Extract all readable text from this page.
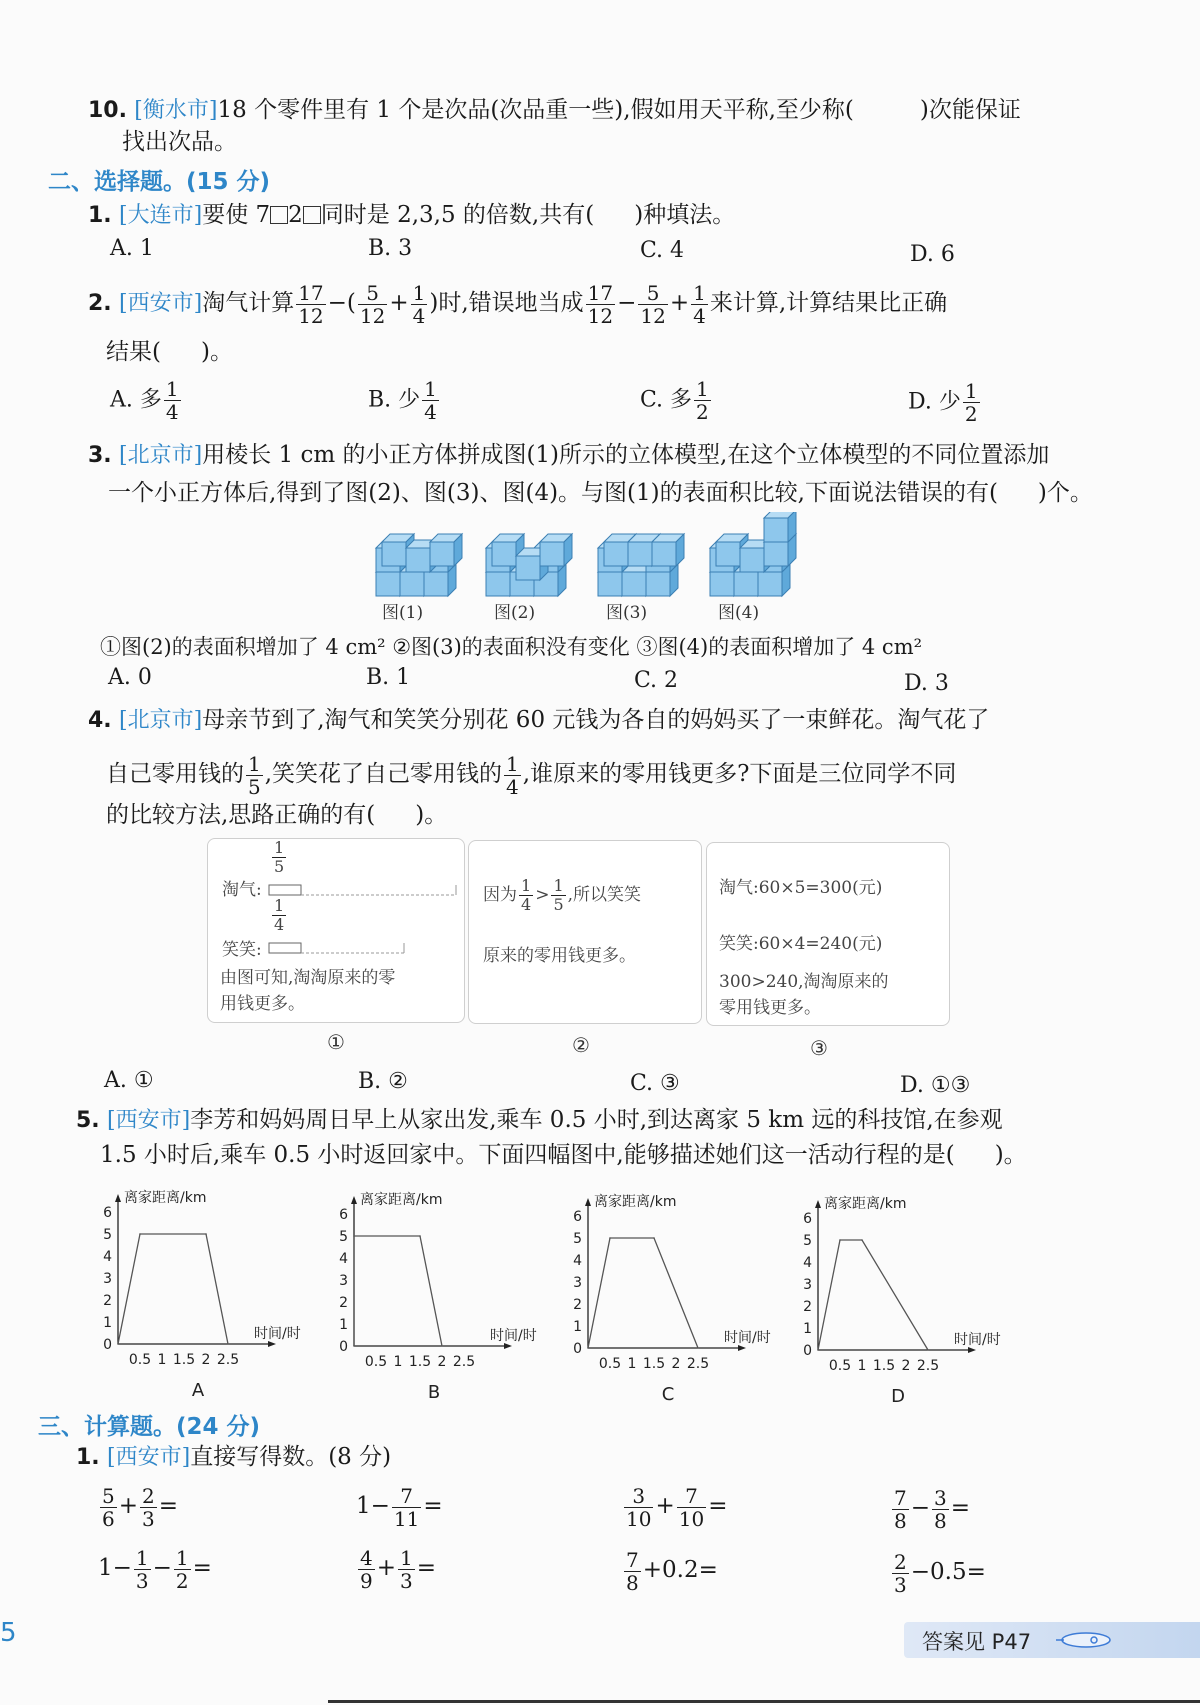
10. [ 衡水市 ] 18 个零件里有 1 个是次品(次品重一些),假如用天平称,至少称(	)次能保证
找出次品。
二、选择题。(15 分)
1. [ 大连市 ] 要使 7 2 同时是 2,3,5 的倍数,共有( )种填法。
A. 1	B. 3	C. 4	D. 6
2. [ 西安市 ] 淘气计算 $\frac{17}{12}$ −( $\frac{5}{12} + \frac{1}{4}$ )时,错误地当成 $\frac{17}{12} - \frac{5}{12} + \frac{1}{4}$ 来计算,计算结果比正确
结果( )。
A. 多 $\frac{1}{4}$	B. 少 $\frac{1}{4}$	C. 多 $\frac{1}{2}$	D. 少 $\frac{1}{2}$
3. [ 北京市 ] 用棱长 1 cm 的小正方体拼成图(1)所示的立体模型,在这个立体模型的不同位置添加
一个小正方体后,得到了图(2)、图(3)、图(4)。与图(1)的表面积比较,下面说法错误的有( )个。
图(1)	图(2)	图(3)	图(4)
①图(2)的表面积增加了 4 cm² ②图(3)的表面积没有变化 ③图(4)的表面积增加了 4 cm²
A. 0	B. 1	C. 2	D. 3
4. [ 北京市 ] 母亲节到了,淘气和笑笑分别花 60 元钱为各自的妈妈买了一束鲜花。淘气花了
自己零用钱的 $\frac{1}{5}$ ,笑笑花了自己零用钱的 $\frac{1}{4}$ ,谁原来的零用钱更多?下面是三位同学不同
的比较方法,思路正确的有( )。
淘气:
$\frac{1}{5}$
$\frac{1}{4}$
笑笑:
由图可知,淘淘原来的零
用钱更多。
因为 $\frac{1}{4} > \frac{1}{5}$ ,所以笑笑
原来的零用钱更多。
淘气:60×5=300(元)
笑笑:60×4=240(元)
300>240,淘淘原来的
零用钱更多。
①	②	③
A. ①	B. ②	C. ③	D. ①③
5. [ 西安市 ] 李芳和妈妈周日早上从家出发,乘车 0.5 小时,到达离家 5 km 远的科技馆,在参观
1.5 小时后,乘车 0.5 小时返回家中。下面四幅图中,能够描述她们这一活动行程的是( )。
离家距离/km
0
1
2
3
4
5
6
0.5 1 1.5 2 2.5
时间/时
A
离家距离/km
0
1
2
3
4
5
6
0.5 1 1.5 2 2.5
时间/时
B
离家距离/km
0
1
2
3
4
5
6
0.5 1 1.5 2 2.5
时间/时
C
离家距离/km
0
1
2
3
4
5
6
0.5 1 1.5 2 2.5
时间/时
D
三、计算题。(24 分)
1. [ 西安市 ] 直接写得数。(8 分)
$\frac{5}{6} + \frac{2}{3}$ =	$1- \frac{7}{11}$ =	$\frac{3}{10} + \frac{7}{10}$ =	$\frac{7}{8} - \frac{3}{8}$ =
$1- \frac{1}{3} - \frac{1}{2}$ =	$\frac{4}{9} + \frac{1}{3}$ =	$\frac{7}{8} +0.2=$	$\frac{2}{3} -0.5=$
5	答案见 P47
